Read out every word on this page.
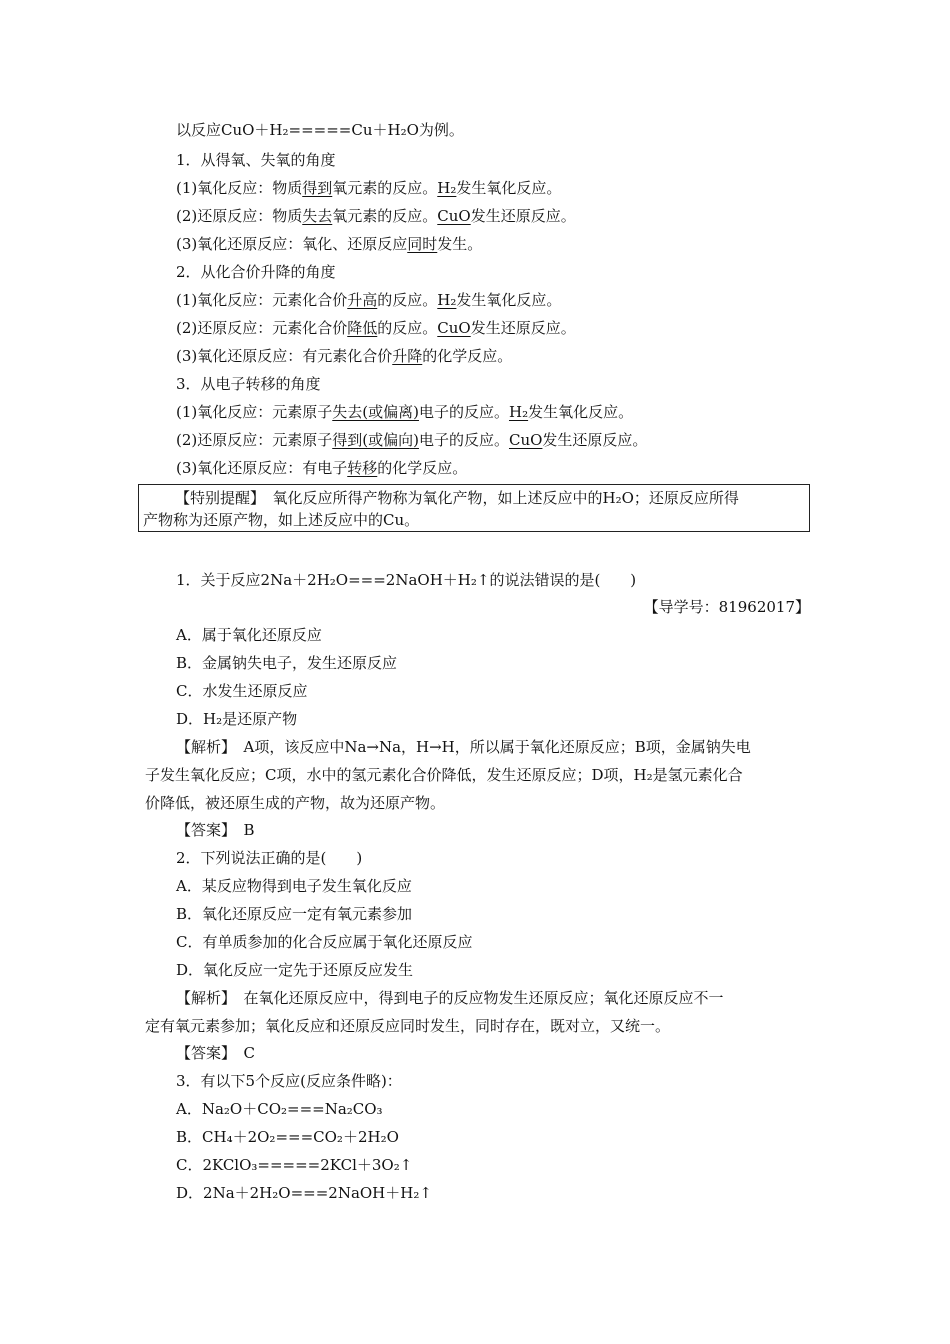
以反应CuO＋H₂=====Cu＋H₂O为例。
1．从得氧、失氧的角度
(1)氧化反应：物质得到氧元素的反应。H₂发生氧化反应。
(2)还原反应：物质失去氧元素的反应。CuO发生还原反应。
(3)氧化还原反应：氧化、还原反应同时发生。
2．从化合价升降的角度
(1)氧化反应：元素化合价升高的反应。H₂发生氧化反应。
(2)还原反应：元素化合价降低的反应。CuO发生还原反应。
(3)氧化还原反应：有元素化合价升降的化学反应。
3．从电子转移的角度
(1)氧化反应：元素原子失去(或偏离)电子的反应。H₂发生氧化反应。
(2)还原反应：元素原子得到(或偏向)电子的反应。CuO发生还原反应。
(3)氧化还原反应：有电子转移的化学反应。
【特别提醒】　氧化反应所得产物称为氧化产物，如上述反应中的H₂O；还原反应所得
产物称为还原产物，如上述反应中的Cu。
1．关于反应2Na＋2H₂O===2NaOH＋H₂↑的说法错误的是(　　)
【导学号：81962017】
A．属于氧化还原反应
B．金属钠失电子，发生还原反应
C．水发生还原反应
D．H₂是还原产物
【解析】　A项，该反应中Na→Na，H→H，所以属于氧化还原反应；B项，金属钠失电
子发生氧化反应；C项，水中的氢元素化合价降低，发生还原反应；D项，H₂是氢元素化合
价降低，被还原生成的产物，故为还原产物。
【答案】　B
2．下列说法正确的是(　　)
A．某反应物得到电子发生氧化反应
B．氧化还原反应一定有氧元素参加
C．有单质参加的化合反应属于氧化还原反应
D．氧化反应一定先于还原反应发生
【解析】　在氧化还原反应中，得到电子的反应物发生还原反应；氧化还原反应不一
定有氧元素参加；氧化反应和还原反应同时发生，同时存在，既对立，又统一。
【答案】　C
3．有以下5个反应(反应条件略)：
A．Na₂O＋CO₂===Na₂CO₃
B．CH₄＋2O₂===CO₂＋2H₂O
C．2KClO₃=====2KCl＋3O₂↑
D．2Na＋2H₂O===2NaOH＋H₂↑
